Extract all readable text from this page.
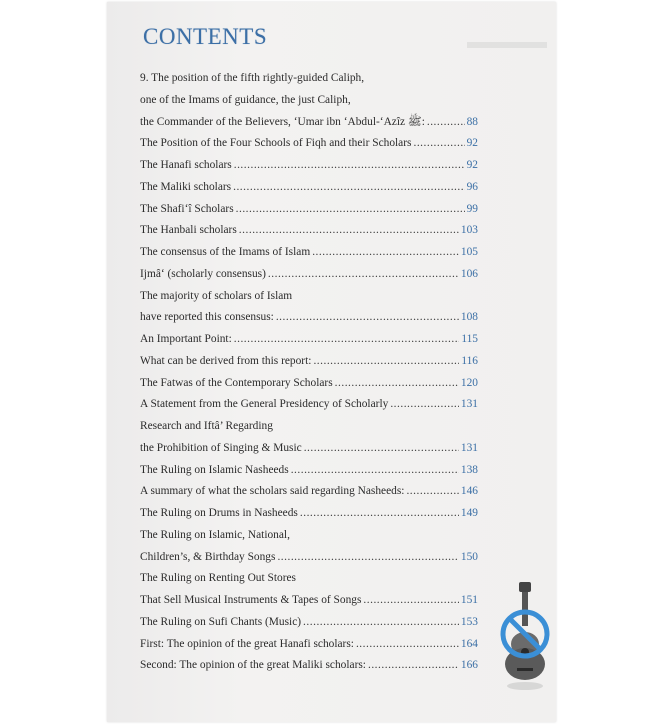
CONTENTS
9. The position of the fifth rightly-guided Caliph,
one of the Imams of guidance, the just Caliph,
the Commander of the Believers, ‘Umar ibn ‘Abdul-‘Azîz ﷺ: .....	88
The Position of the Four Schools of Fiqh and their Scholars .....	92
The Hanafi scholars .....	92
The Maliki scholars .....	96
The Shafi‘î Scholars .....	99
The Hanbali scholars .....	103
The consensus of the Imams of Islam .....	105
Ijmâ‘ (scholarly consensus) .....	106
The majority of scholars of Islam
have reported this consensus: .....	108
An Important Point: .....	115
What can be derived from this report: .....	116
The Fatwas of the Contemporary Scholars .....	120
A Statement from the General Presidency of Scholarly .....	131
Research and Iftâ’ Regarding
the Prohibition of Singing & Music .....	131
The Ruling on Islamic Nasheeds .....	138
A summary of what the scholars said regarding Nasheeds: .....	146
The Ruling on Drums in Nasheeds .....	149
The Ruling on Islamic, National,
Children’s, & Birthday Songs .....	150
The Ruling on Renting Out Stores
That Sell Musical Instruments & Tapes of Songs .....	151
The Ruling on Sufi Chants (Music) .....	153
First: The opinion of the great Hanafi scholars: .....	164
Second: The opinion of the great Maliki scholars: .....	166
